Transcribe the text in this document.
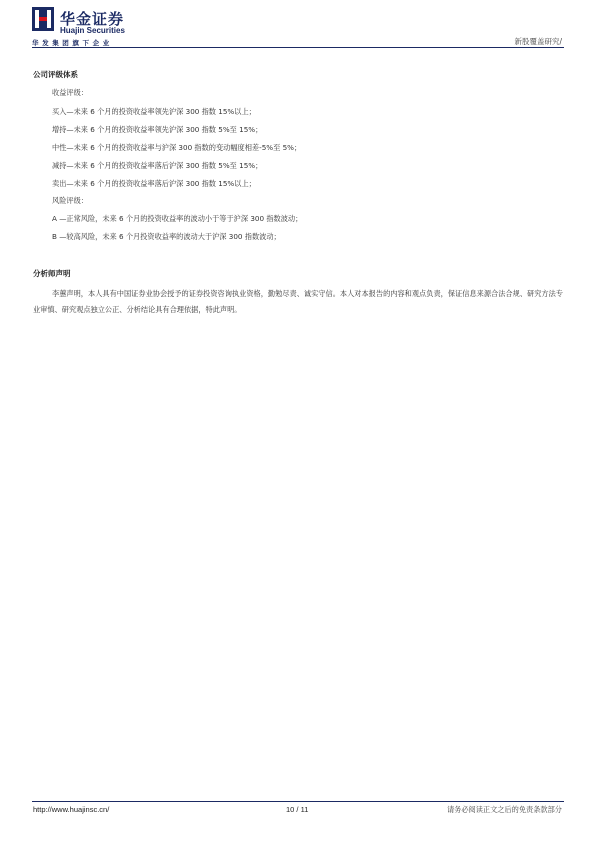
华金证券
Huajin Securities
华发集团旗下企业	新股覆盖研究/
公司评级体系
收益评级：
买入—未来 6 个月的投资收益率领先沪深 300 指数 15%以上；
增持—未来 6 个月的投资收益率领先沪深 300 指数 5%至 15%；
中性—未来 6 个月的投资收益率与沪深 300 指数的变动幅度相差-5%至 5%；
减持—未来 6 个月的投资收益率落后沪深 300 指数 5%至 15%；
卖出—未来 6 个月的投资收益率落后沪深 300 指数 15%以上；
风险评级：
A —正常风险，未来 6 个月的投资收益率的波动小于等于沪深 300 指数波动；
B —较高风险，未来 6 个月投资收益率的波动大于沪深 300 指数波动；
分析师声明
李蕙声明，本人具有中国证券业协会授予的证券投资咨询执业资格，勤勉尽责、诚实守信。本人对本报告的内容和观点负责，保证信息来源合法合规、研究方法专业审慎、研究观点独立公正、分析结论具有合理依据，特此声明。
http://www.huajinsc.cn/	10 / 11	请务必阅读正文之后的免责条款部分
